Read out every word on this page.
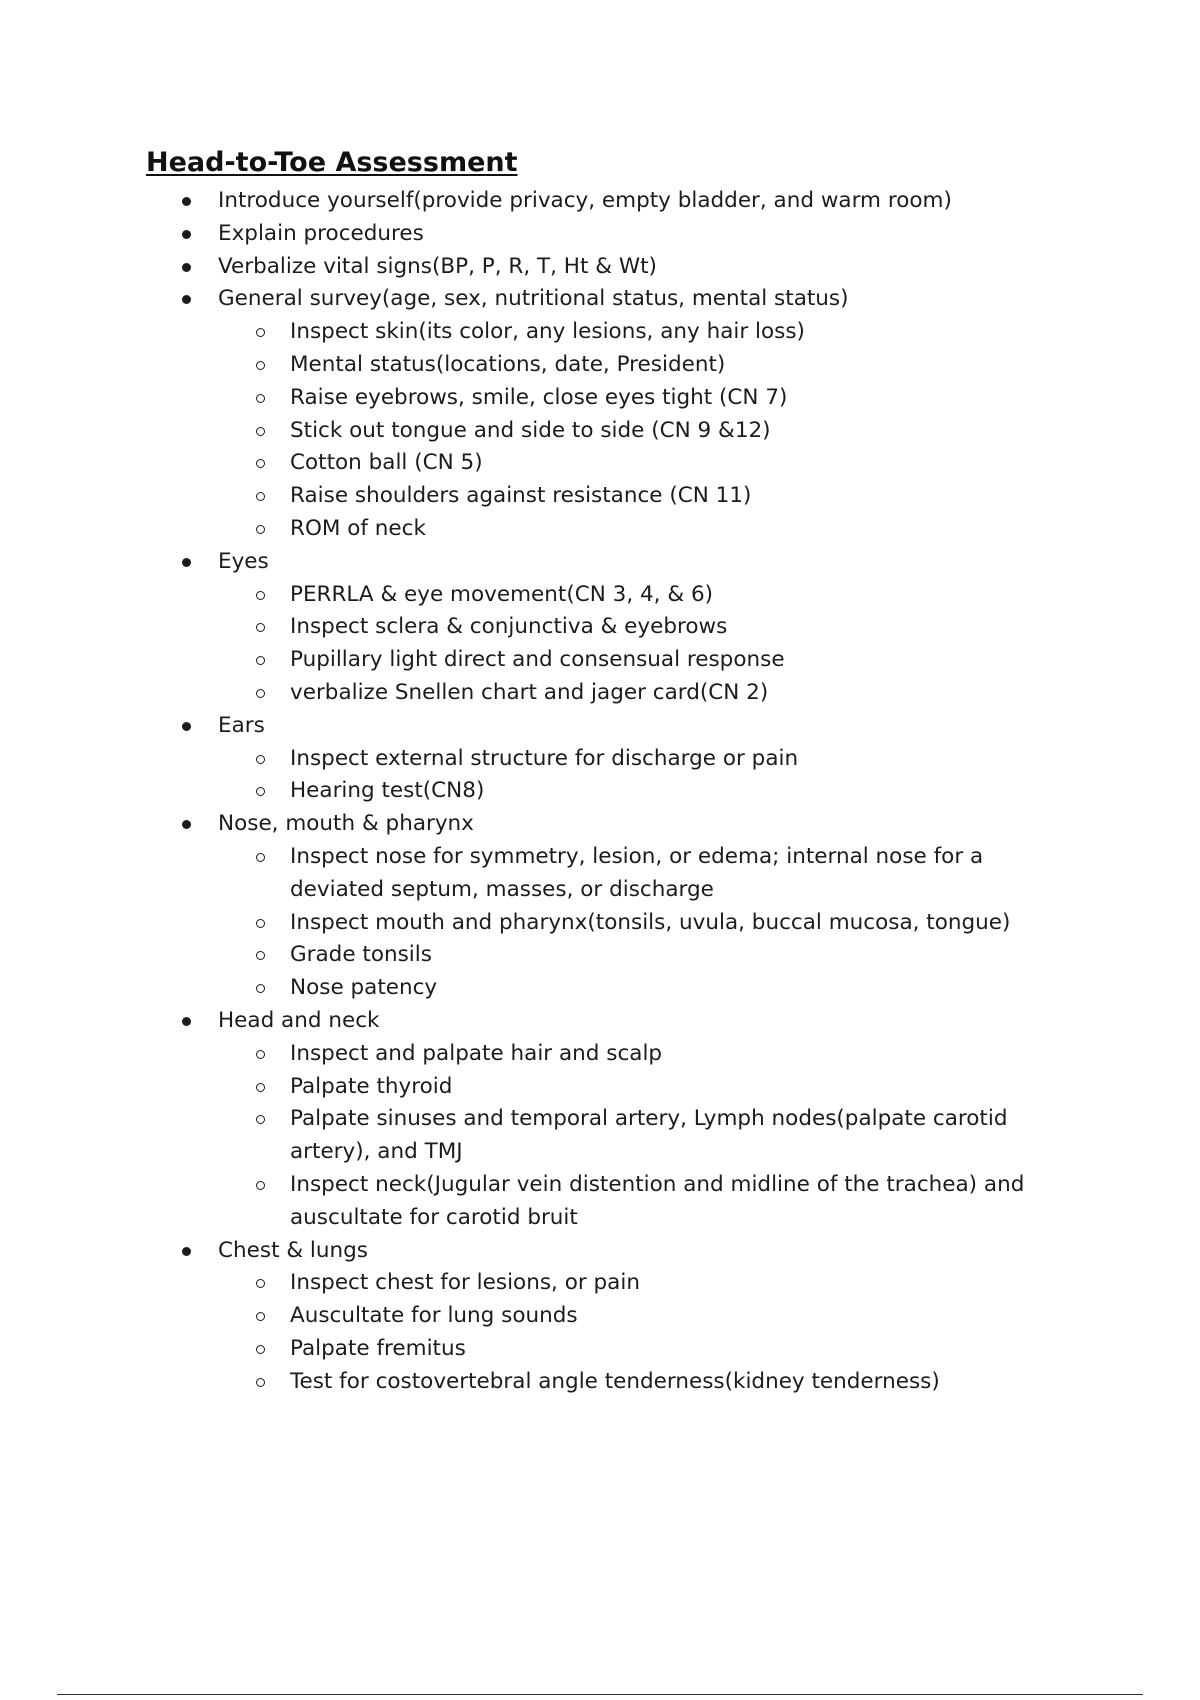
Head-to-Toe Assessment
Introduce yourself(provide privacy, empty bladder, and warm room)
Explain procedures
Verbalize vital signs(BP, P, R, T, Ht & Wt)
General survey(age, sex, nutritional status, mental status)
Inspect skin(its color, any lesions, any hair loss)
Mental status(locations, date, President)
Raise eyebrows, smile, close eyes tight (CN 7)
Stick out tongue and side to side (CN 9 &12)
Cotton ball (CN 5)
Raise shoulders against resistance (CN 11)
ROM of neck
Eyes
PERRLA & eye movement(CN 3, 4, & 6)
Inspect sclera & conjunctiva & eyebrows
Pupillary light direct and consensual response
verbalize Snellen chart and jager card(CN 2)
Ears
Inspect external structure for discharge or pain
Hearing test(CN8)
Nose, mouth & pharynx
Inspect nose for symmetry, lesion, or edema; internal nose for a deviated septum, masses, or discharge
Inspect mouth and pharynx(tonsils, uvula, buccal mucosa, tongue)
Grade tonsils
Nose patency
Head and neck
Inspect and palpate hair and scalp
Palpate thyroid
Palpate sinuses and temporal artery, Lymph nodes(palpate carotid artery), and TMJ
Inspect neck(Jugular vein distention and midline of the trachea) and auscultate for carotid bruit
Chest & lungs
Inspect chest for lesions, or pain
Auscultate for lung sounds
Palpate fremitus
Test for costovertebral angle tenderness(kidney tenderness)
